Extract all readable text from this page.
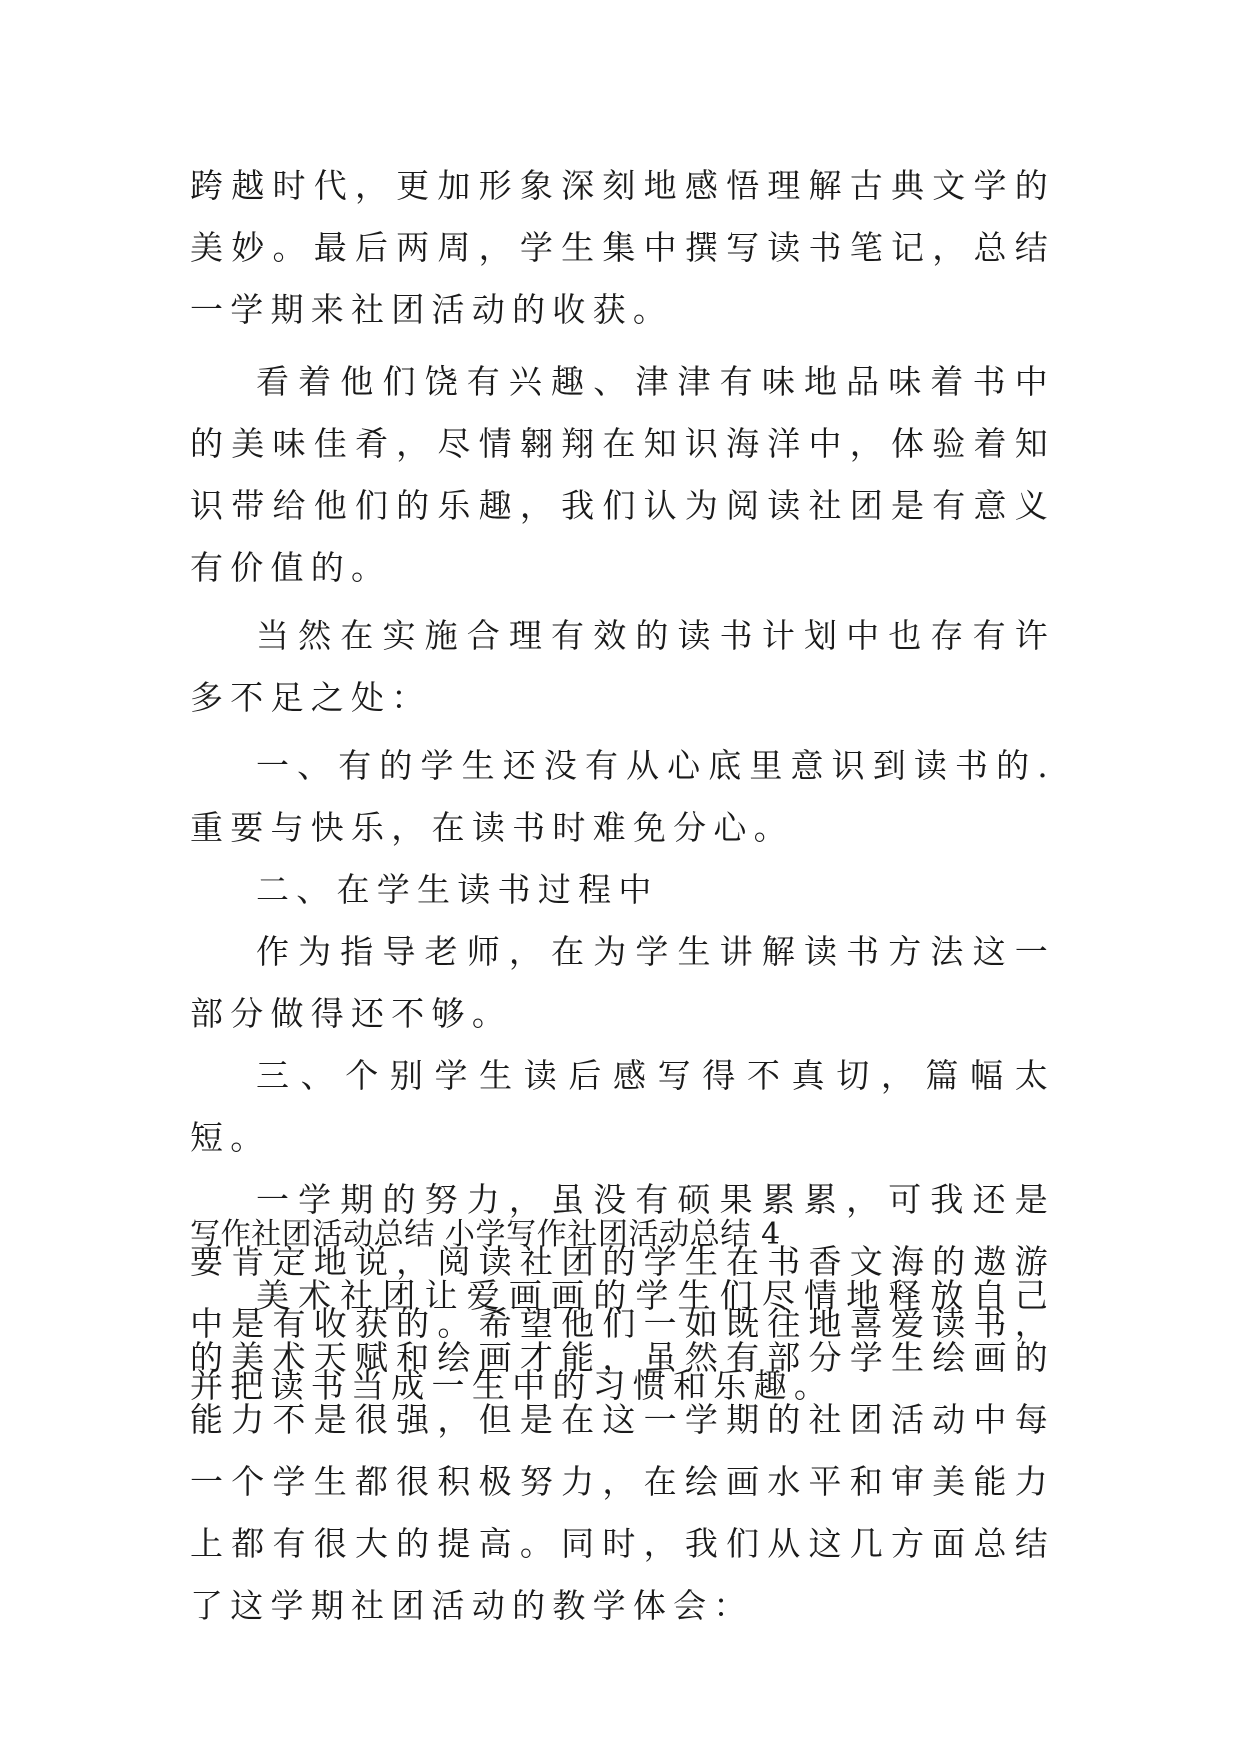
跨越时代，更加形象深刻地感悟理解古典文学的美妙。最后两周，学生集中撰写读书笔记，总结一学期来社团活动的收获。

看着他们饶有兴趣、津津有味地品味着书中的美味佳肴，尽情翱翔在知识海洋中，体验着知识带给他们的乐趣，我们认为阅读社团是有意义有价值的。

当然在实施合理有效的读书计划中也存有许多不足之处：

一、有的学生还没有从心底里意识到读书的.重要与快乐，在读书时难免分心。

二、在学生读书过程中

作为指导老师，在为学生讲解读书方法这一部分做得还不够。

三、个别学生读后感写得不真切，篇幅太短。

一学期的努力，虽没有硕果累累，可我还是要肯定地说，阅读社团的学生在书香文海的遨游中是有收获的。希望他们一如既往地喜爱读书，并把读书当成一生中的习惯和乐趣。

写作社团活动总结 小学写作社团活动总结 4

美术社团让爱画画的学生们尽情地释放自己的美术天赋和绘画才能，虽然有部分学生绘画的能力不是很强，但是在这一学期的社团活动中每一个学生都很积极努力，在绘画水平和审美能力上都有很大的提高。同时，我们从这几方面总结了这学期社团活动的教学体会：
